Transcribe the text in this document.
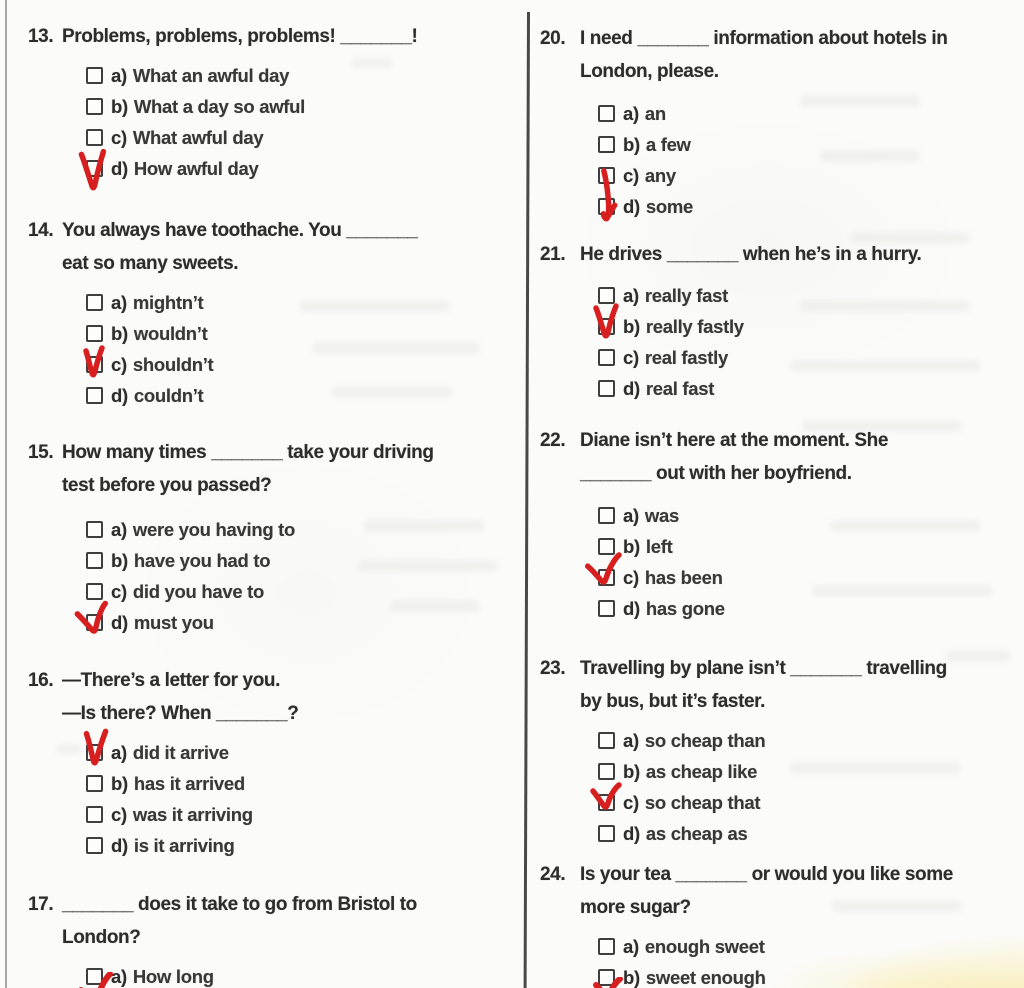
13. Problems, problems, problems! _______!
a) What an awful day
b) What a day so awful
c) What awful day
d) How awful day
14. You always have toothache. You _______
eat so many sweets.
a) mightn’t
b) wouldn’t
c) shouldn’t
d) couldn’t
15. How many times _______ take your driving
test before you passed?
a) were you having to
b) have you had to
c) did you have to
d) must you
16. —There’s a letter for you.
—Is there? When _______?
a) did it arrive
b) has it arrived
c) was it arriving
d) is it arriving
17. _______ does it take to go from Bristol to
London?
a) How long
20. I need _______ information about hotels in
London, please.
a) an
b) a few
c) any
d) some
21. He drives _______ when he’s in a hurry.
a) really fast
b) really fastly
c) real fastly
d) real fast
22. Diane isn’t here at the moment. She
_______ out with her boyfriend.
a) was
b) left
c) has been
d) has gone
23. Travelling by plane isn’t _______ travelling
by bus, but it’s faster.
a) so cheap than
b) as cheap like
c) so cheap that
d) as cheap as
24. Is your tea _______ or would you like some
more sugar?
a) enough sweet
b) sweet enough
